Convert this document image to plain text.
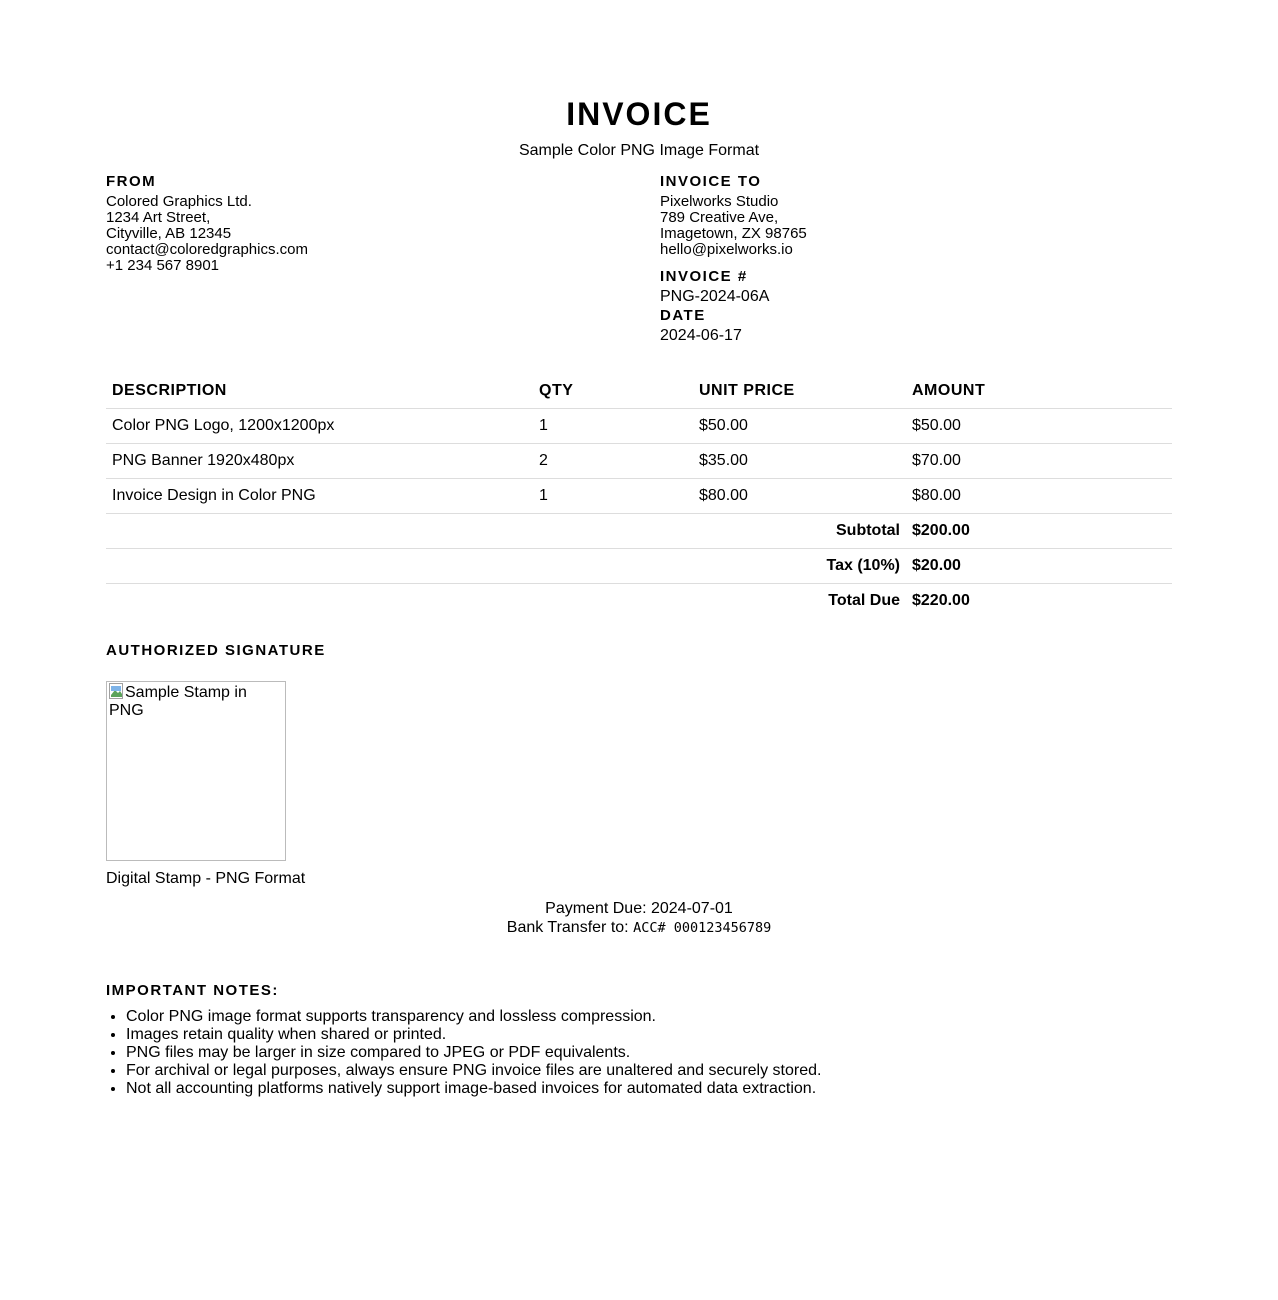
INVOICE
Sample Color PNG Image Format
FROM
Colored Graphics Ltd.
1234 Art Street,
Cityville, AB 12345
contact@coloredgraphics.com
+1 234 567 8901
INVOICE TO
Pixelworks Studio
789 Creative Ave,
Imagetown, ZX 98765
hello@pixelworks.io
INVOICE #
PNG-2024-06A
DATE
2024-06-17
DESCRIPTION	QTY	UNIT PRICE	AMOUNT
Color PNG Logo, 1200x1200px	1	$50.00	$50.00
PNG Banner 1920x480px	2	$35.00	$70.00
Invoice Design in Color PNG	1	$80.00	$80.00
Subtotal			$200.00
Tax (10%)			$20.00
Total Due			$220.00
AUTHORIZED SIGNATURE
Sample Stamp in PNG
Digital Stamp - PNG Format
Payment Due: 2024-07-01
Bank Transfer to: ACC# 000123456789
IMPORTANT NOTES:
• Color PNG image format supports transparency and lossless compression.
• Images retain quality when shared or printed.
• PNG files may be larger in size compared to JPEG or PDF equivalents.
• For archival or legal purposes, always ensure PNG invoice files are unaltered and securely stored.
• Not all accounting platforms natively support image-based invoices for automated data extraction.
